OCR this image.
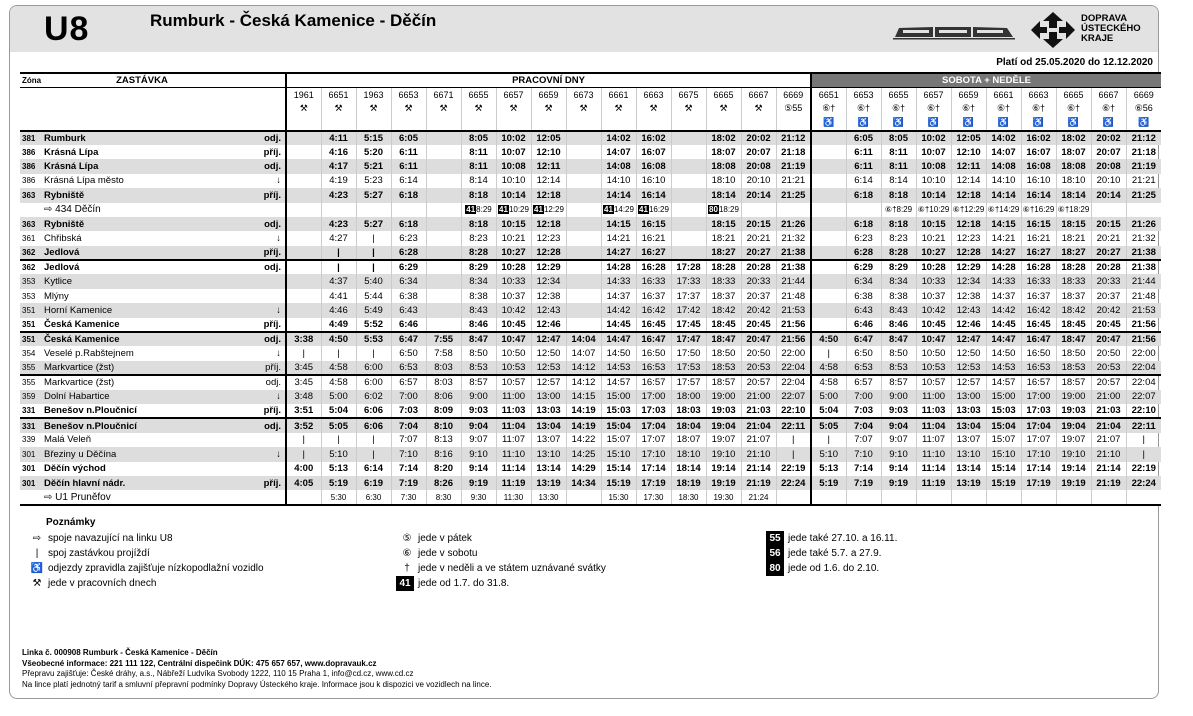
U8	Rumburk - Česká Kamenice - Děčín	DOPRAVA
ÚSTECKÉHO
KRAJE
Platí od 25.05.2020 do 12.12.2020
Zóna	ZASTÁVKA		PRACOVNÍ DNY															SOBOTA + NEDĚLE									
			1961	6651	1963	6653	6671	6655	6657	6659	6673	6661	6663	6675	6665	6667	6669	6651	6653	6655	6657	6659	6661	6663	6665	6667	6669
			⚒	⚒	⚒	⚒	⚒	⚒	⚒	⚒	⚒	⚒	⚒	⚒	⚒	⚒	⑤55	⑥†	⑥†	⑥†	⑥†	⑥†	⑥†	⑥†	⑥†	⑥†	⑥56
																		♿	♿	♿	♿	♿	♿	♿	♿	♿	♿
381	Rumburk	odj.		4:11	5:15	6:05		8:05	10:02	12:05		14:02	16:02		18:02	20:02	21:12		6:05	8:05	10:02	12:05	14:02	16:02	18:02	20:02	21:12
386	Krásná Lípa	příj.		4:16	5:20	6:11		8:11	10:07	12:10		14:07	16:07		18:07	20:07	21:18		6:11	8:11	10:07	12:10	14:07	16:07	18:07	20:07	21:18
386	Krásná Lípa	odj.		4:17	5:21	6:11		8:11	10:08	12:11		14:08	16:08		18:08	20:08	21:19		6:11	8:11	10:08	12:11	14:08	16:08	18:08	20:08	21:19
386	Krásná Lípa město	↓		4:19	5:23	6:14		8:14	10:10	12:14		14:10	16:10		18:10	20:10	21:21		6:14	8:14	10:10	12:14	14:10	16:10	18:10	20:10	21:21
363	Rybniště	příj.		4:23	5:27	6:18		8:18	10:14	12:18		14:14	16:14		18:14	20:14	21:25		6:18	8:18	10:14	12:18	14:14	16:14	18:14	20:14	21:25
	⇨ 434 Děčín							418:29	4110:29	4112:29		4114:29	4116:29		8018:29					⑥†8:29	⑥†10:29	⑥†12:29	⑥†14:29	⑥†16:29	⑥†18:29		
363	Rybniště	odj.		4:23	5:27	6:18		8:18	10:15	12:18		14:15	16:15		18:15	20:15	21:26		6:18	8:18	10:15	12:18	14:15	16:15	18:15	20:15	21:26
361	Chřibská	↓		4:27	|	6:23		8:23	10:21	12:23		14:21	16:21		18:21	20:21	21:32		6:23	8:23	10:21	12:23	14:21	16:21	18:21	20:21	21:32
362	Jedlová	příj.		|	|	6:28		8:28	10:27	12:28		14:27	16:27		18:27	20:27	21:38		6:28	8:28	10:27	12:28	14:27	16:27	18:27	20:27	21:38
362	Jedlová	odj.		|	|	6:29		8:29	10:28	12:29		14:28	16:28	17:28	18:28	20:28	21:38		6:29	8:29	10:28	12:29	14:28	16:28	18:28	20:28	21:38
353	Kytlice			4:37	5:40	6:34		8:34	10:33	12:34		14:33	16:33	17:33	18:33	20:33	21:44		6:34	8:34	10:33	12:34	14:33	16:33	18:33	20:33	21:44
353	Mlýny			4:41	5:44	6:38		8:38	10:37	12:38		14:37	16:37	17:37	18:37	20:37	21:48		6:38	8:38	10:37	12:38	14:37	16:37	18:37	20:37	21:48
351	Horní Kamenice	↓		4:46	5:49	6:43		8:43	10:42	12:43		14:42	16:42	17:42	18:42	20:42	21:53		6:43	8:43	10:42	12:43	14:42	16:42	18:42	20:42	21:53
351	Česká Kamenice	příj.		4:49	5:52	6:46		8:46	10:45	12:46		14:45	16:45	17:45	18:45	20:45	21:56		6:46	8:46	10:45	12:46	14:45	16:45	18:45	20:45	21:56
351	Česká Kamenice	odj.	3:38	4:50	5:53	6:47	7:55	8:47	10:47	12:47	14:04	14:47	16:47	17:47	18:47	20:47	21:56	4:50	6:47	8:47	10:47	12:47	14:47	16:47	18:47	20:47	21:56
354	Veselé p.Rabštejnem	↓	|	|	|	6:50	7:58	8:50	10:50	12:50	14:07	14:50	16:50	17:50	18:50	20:50	22:00	|	6:50	8:50	10:50	12:50	14:50	16:50	18:50	20:50	22:00
355	Markvartice (žst)	příj.	3:45	4:58	6:00	6:53	8:03	8:53	10:53	12:53	14:12	14:53	16:53	17:53	18:53	20:53	22:04	4:58	6:53	8:53	10:53	12:53	14:53	16:53	18:53	20:53	22:04
355	Markvartice (žst)	odj.	3:45	4:58	6:00	6:57	8:03	8:57	10:57	12:57	14:12	14:57	16:57	17:57	18:57	20:57	22:04	4:58	6:57	8:57	10:57	12:57	14:57	16:57	18:57	20:57	22:04
359	Dolní Habartice	↓	3:48	5:00	6:02	7:00	8:06	9:00	11:00	13:00	14:15	15:00	17:00	18:00	19:00	21:00	22:07	5:00	7:00	9:00	11:00	13:00	15:00	17:00	19:00	21:00	22:07
331	Benešov n.Ploučnicí	příj.	3:51	5:04	6:06	7:03	8:09	9:03	11:03	13:03	14:19	15:03	17:03	18:03	19:03	21:03	22:10	5:04	7:03	9:03	11:03	13:03	15:03	17:03	19:03	21:03	22:10
331	Benešov n.Ploučnicí	odj.	3:52	5:05	6:06	7:04	8:10	9:04	11:04	13:04	14:19	15:04	17:04	18:04	19:04	21:04	22:11	5:05	7:04	9:04	11:04	13:04	15:04	17:04	19:04	21:04	22:11
339	Malá Veleň		|	|	|	7:07	8:13	9:07	11:07	13:07	14:22	15:07	17:07	18:07	19:07	21:07	|	|	7:07	9:07	11:07	13:07	15:07	17:07	19:07	21:07	|
301	Březiny u Děčína	↓	|	5:10	|	7:10	8:16	9:10	11:10	13:10	14:25	15:10	17:10	18:10	19:10	21:10	|	5:10	7:10	9:10	11:10	13:10	15:10	17:10	19:10	21:10	|
301	Děčín východ		4:00	5:13	6:14	7:14	8:20	9:14	11:14	13:14	14:29	15:14	17:14	18:14	19:14	21:14	22:19	5:13	7:14	9:14	11:14	13:14	15:14	17:14	19:14	21:14	22:19
301	Děčín hlavní nádr.	příj.	4:05	5:19	6:19	7:19	8:26	9:19	11:19	13:19	14:34	15:19	17:19	18:19	19:19	21:19	22:24	5:19	7:19	9:19	11:19	13:19	15:19	17:19	19:19	21:19	22:24
	⇨ U1 Pruněfov			5:30	6:30	7:30	8:30	9:30	11:30	13:30		15:30	17:30	18:30	19:30	21:24											
Poznámky
⇨ spoje navazující na linku U8
| spoj zastávkou projíždí
♿ odjezdy zpravidla zajišťuje nízkopodlažní vozidlo
⚒ jede v pracovních dnech
⑤ jede v pátek
⑥ jede v sobotu
† jede v neděli a ve státem uznávané svátky
41 jede od 1.7. do 31.8.
55 jede také 27.10. a 16.11.
56 jede také 5.7. a 27.9.
80 jede od 1.6. do 2.10.
Linka č. 000908 Rumburk - Česká Kamenice - Děčín
Všeobecné informace: 221 111 122, Centrální dispečink DÚK: 475 657 657, www.dopravauk.cz
Přepravu zajišťuje: České dráhy, a.s., Nábřeží Ludvíka Svobody 1222, 110 15 Praha 1, info@cd.cz, www.cd.cz
Na lince platí jednotný tarif a smluvní přepravní podmínky Dopravy Ústeckého kraje. Informace jsou k dispozici ve vozidlech na lince.
